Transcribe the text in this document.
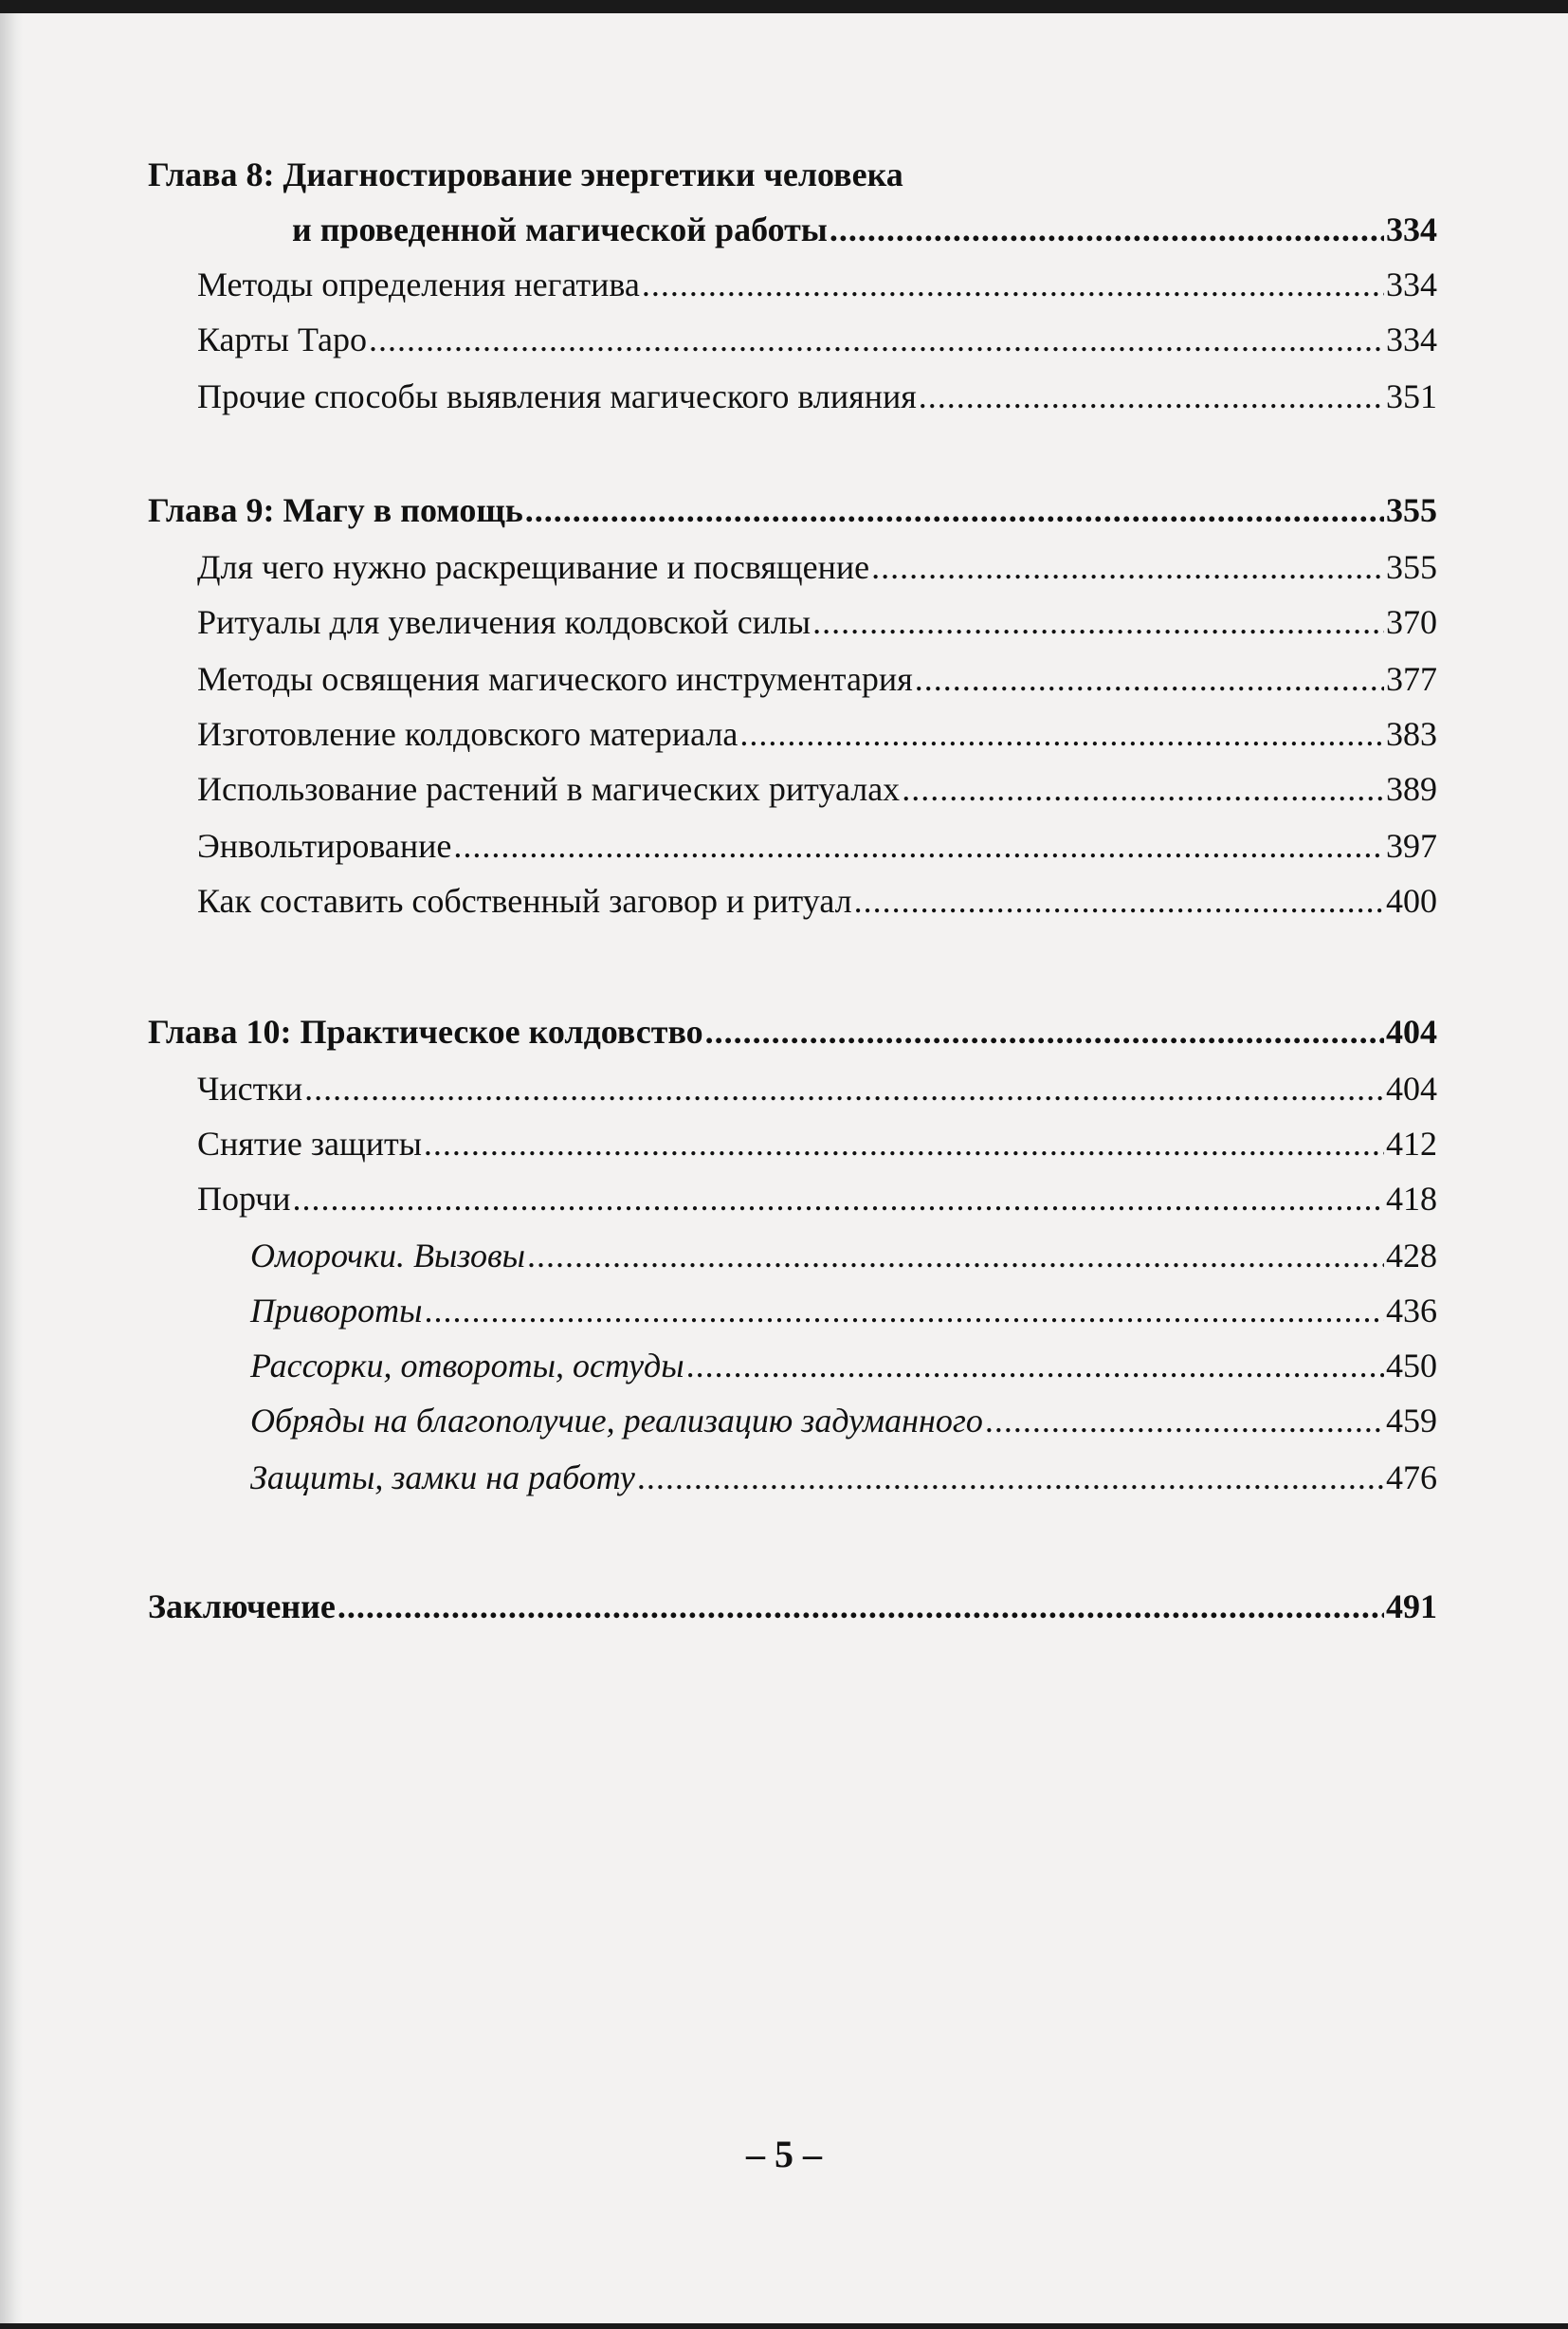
Глава 8: Диагностирование энергетики человека
и проведенной магической работы .....	334
Методы определения негатива .....	334
Карты Таро .....	334
Прочие способы выявления магического влияния .....	351
Глава 9: Магу в помощь .....	355
Для чего нужно раскрещивание и посвящение .....	355
Ритуалы для увеличения колдовской силы .....	370
Методы освящения магического инструментария .....	377
Изготовление колдовского материала .....	383
Использование растений в магических ритуалах .....	389
Энвольтирование .....	397
Как составить собственный заговор и ритуал .....	400
Глава 10: Практическое колдовство .....	404
Чистки .....	404
Снятие защиты .....	412
Порчи .....	418
Оморочки. Вызовы .....	428
Привороты .....	436
Рассорки, отвороты, остуды .....	450
Обряды на благополучие, реализацию задуманного .....	459
Защиты, замки на работу .....	476
Заключение .....	491
– 5 –
